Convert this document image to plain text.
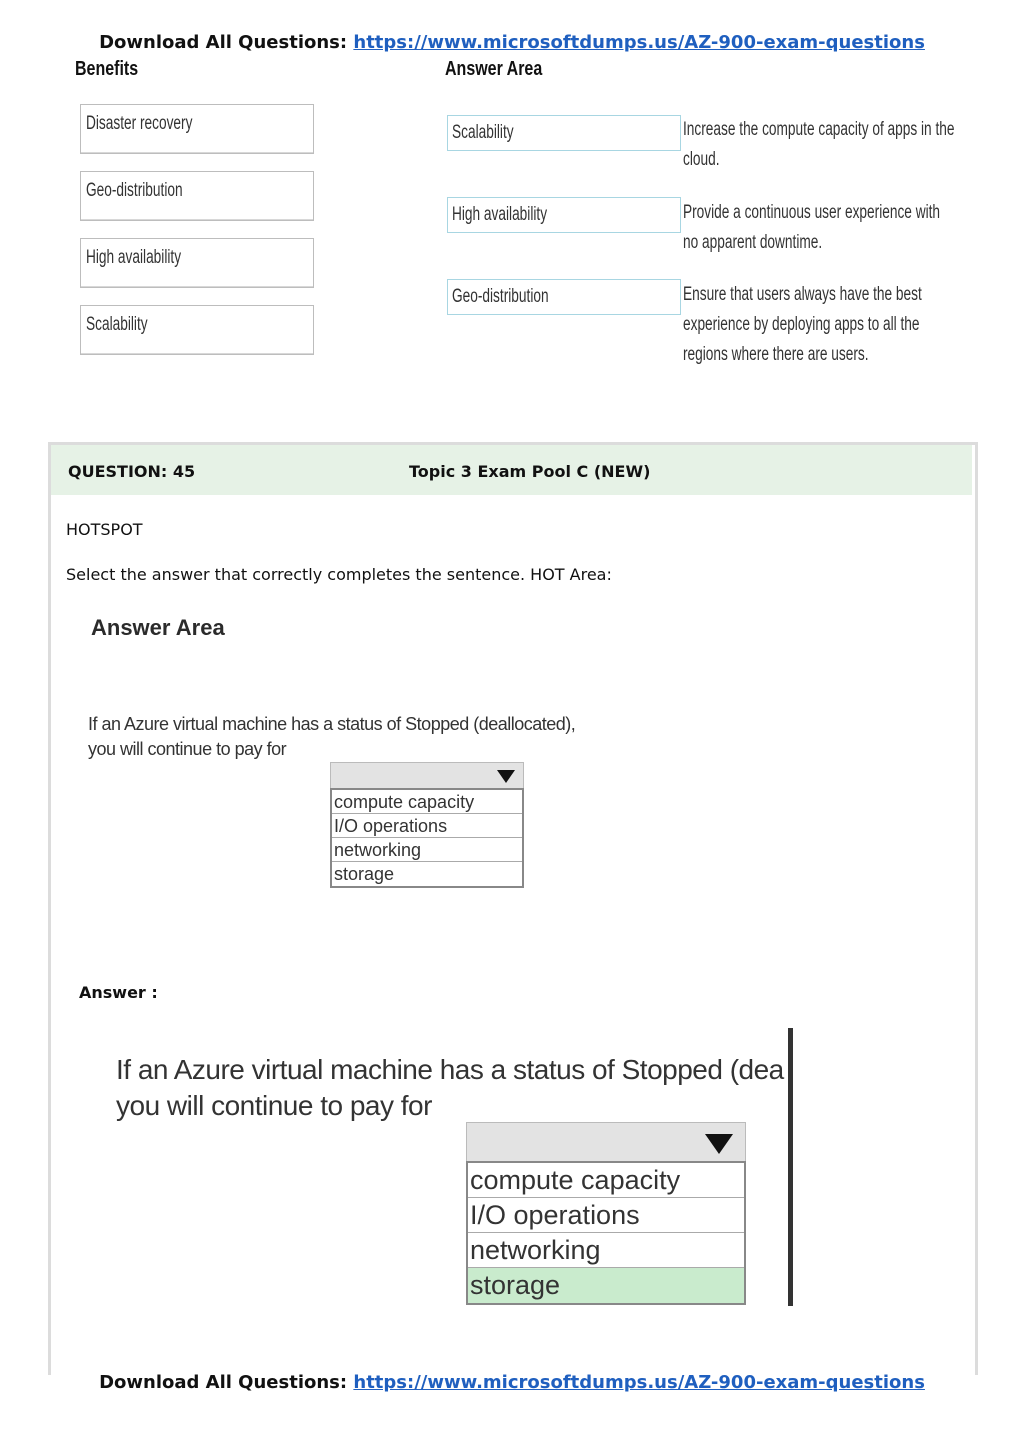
Download All Questions: https://www.microsoftdumps.us/AZ-900-exam-questions
Benefits	Answer Area
Disaster recovery
Geo-distribution
High availability
Scalability
Scalability	Increase the compute capacity of apps in the cloud.
High availability	Provide a continuous user experience with no apparent downtime.
Geo-distribution	Ensure that users always have the best experience by deploying apps to all the regions where there are users.
QUESTION: 45	Topic 3 Exam Pool C (NEW)
HOTSPOT
Select the answer that correctly completes the sentence. HOT Area:
Answer Area
If an Azure virtual machine has a status of Stopped (deallocated),
you will continue to pay for
compute capacity
I/O operations
networking
storage
Answer :
If an Azure virtual machine has a status of Stopped (dea
you will continue to pay for
compute capacity
I/O operations
networking
storage
Download All Questions: https://www.microsoftdumps.us/AZ-900-exam-questions
